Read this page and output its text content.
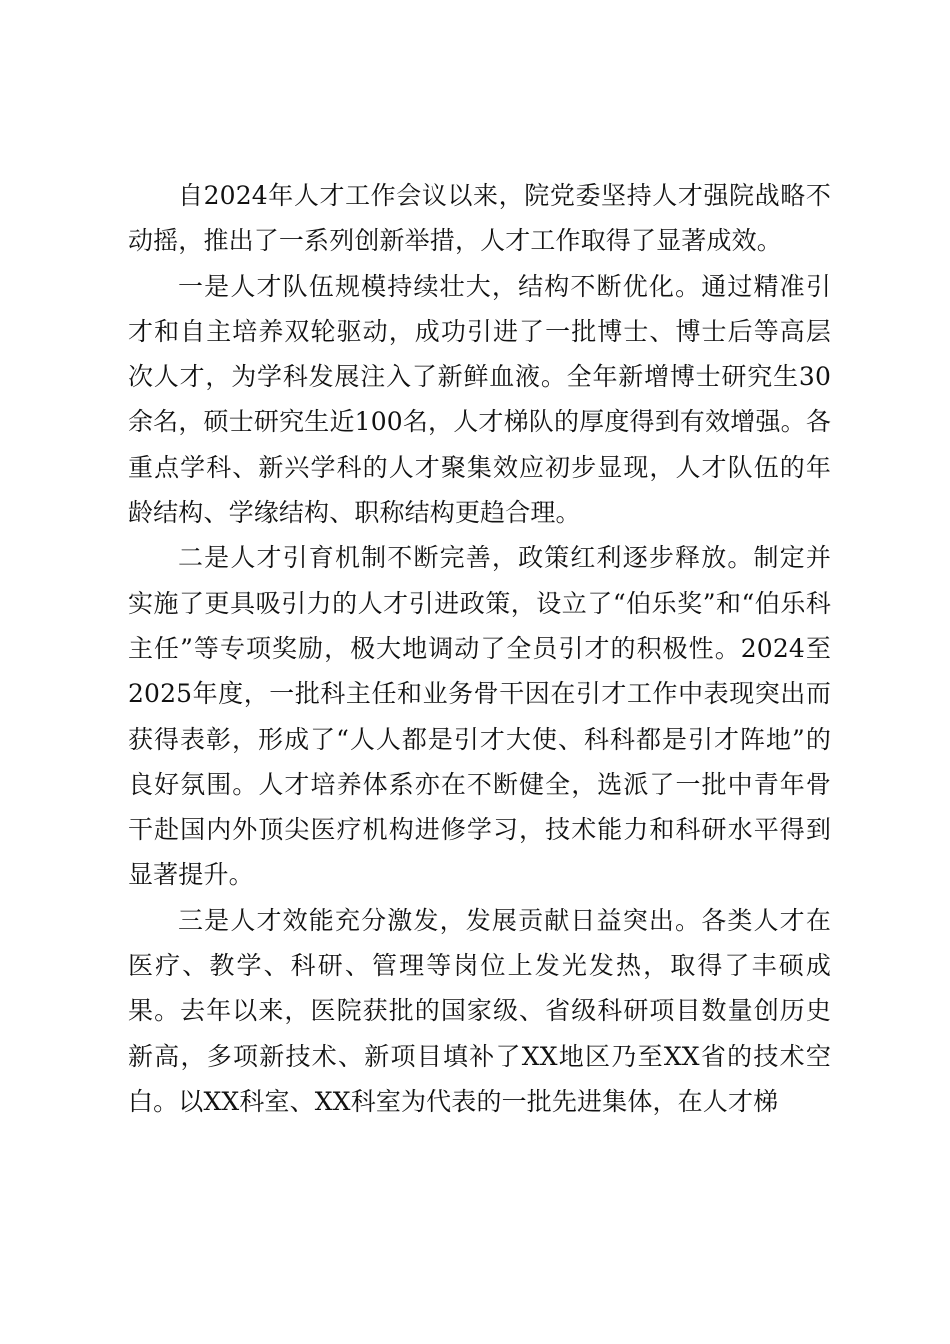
自2024年人才工作会议以来，院党委坚持人才强院战略不动摇，推出了一系列创新举措，人才工作取得了显著成效。

一是人才队伍规模持续壮大，结构不断优化。通过精准引才和自主培养双轮驱动，成功引进了一批博士、博士后等高层次人才，为学科发展注入了新鲜血液。全年新增博士研究生30余名，硕士研究生近100名，人才梯队的厚度得到有效增强。各重点学科、新兴学科的人才聚集效应初步显现，人才队伍的年龄结构、学缘结构、职称结构更趋合理。

二是人才引育机制不断完善，政策红利逐步释放。制定并实施了更具吸引力的人才引进政策，设立了“伯乐奖”和“伯乐科主任”等专项奖励，极大地调动了全员引才的积极性。2024至2025年度，一批科主任和业务骨干因在引才工作中表现突出而获得表彰，形成了“人人都是引才大使、科科都是引才阵地”的良好氛围。人才培养体系亦在不断健全，选派了一批中青年骨干赴国内外顶尖医疗机构进修学习，技术能力和科研水平得到显著提升。

三是人才效能充分激发，发展贡献日益突出。各类人才在医疗、教学、科研、管理等岗位上发光发热，取得了丰硕成果。去年以来，医院获批的国家级、省级科研项目数量创历史新高，多项新技术、新项目填补了XX地区乃至XX省的技术空白。以XX科室、XX科室为代表的一批先进集体，在人才梯
